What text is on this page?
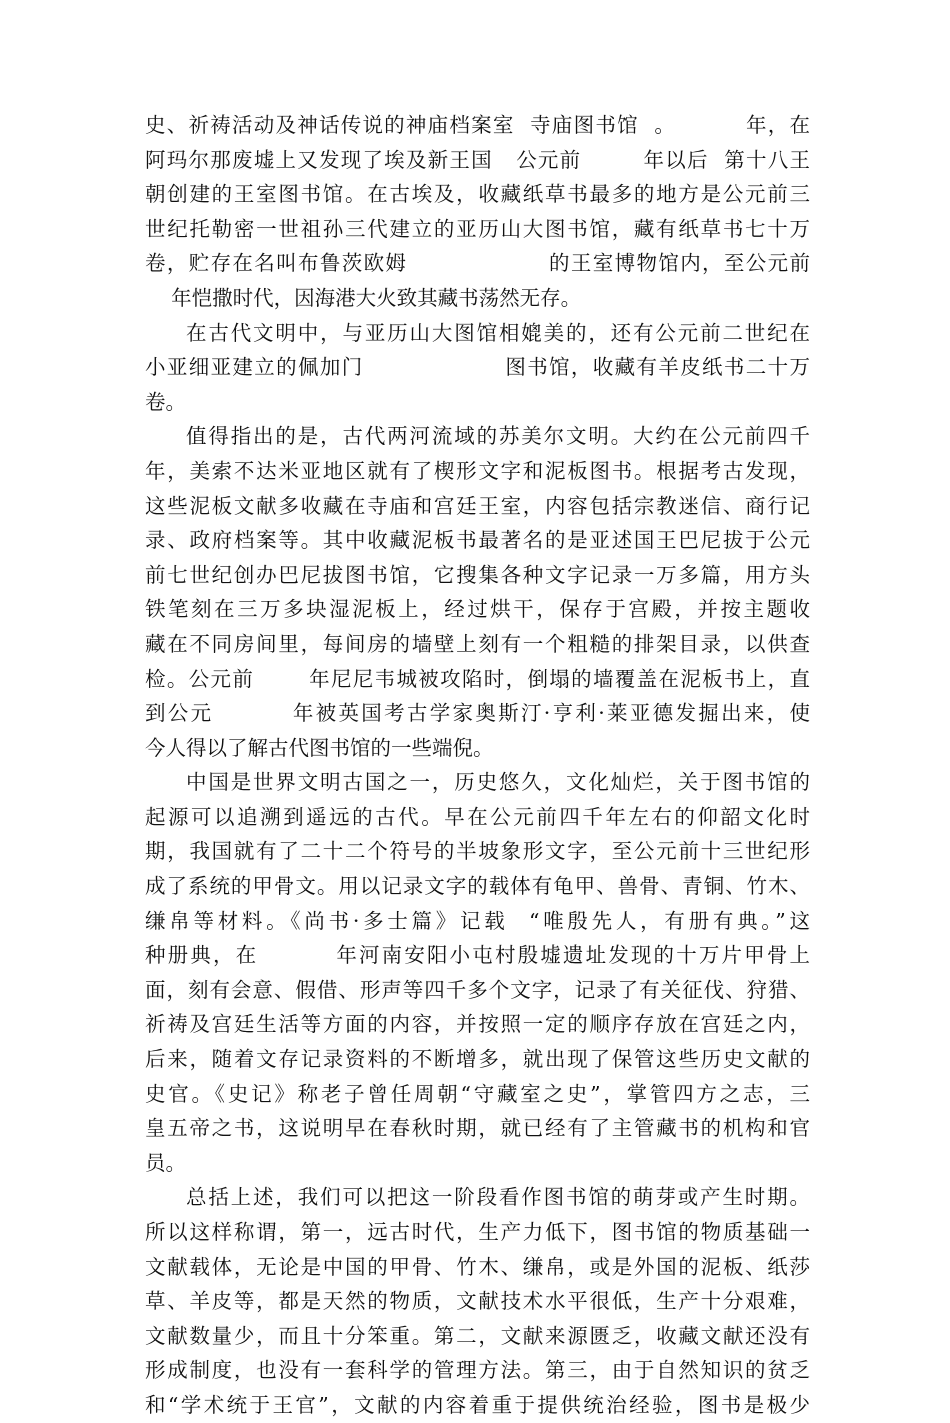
史、祈祷活动及神话传说的神庙档案室  寺庙图书馆  。         年，在
阿玛尔那废墟上又发现了埃及新王国   公元前        年以后  第十八王
朝创建的王室图书馆。在古埃及，收藏纸草书最多的地方是公元前三
世纪托勒密一世祖孙三代建立的亚历山大图书馆，藏有纸草书七十万
卷，贮存在名叫布鲁茨欧姆                  的王室博物馆内，至公元前
年恺撒时代，因海港大火致其藏书荡然无存。
在古代文明中，与亚历山大图馆相媲美的，还有公元前二世纪在
小亚细亚建立的佩加门                  图书馆，收藏有羊皮纸书二十万
卷。
值得指出的是，古代两河流域的苏美尔文明。大约在公元前四千
年，美索不达米亚地区就有了楔形文字和泥板图书。根据考古发现，
这些泥板文献多收藏在寺庙和宫廷王室，内容包括宗教迷信、商行记
录、政府档案等。其中收藏泥板书最著名的是亚述国王巴尼拔于公元
前七世纪创办巴尼拔图书馆，它搜集各种文字记录一万多篇，用方头
铁笔刻在三万多块湿泥板上，经过烘干，保存于宫殿，并按主题收
藏在不同房间里，每间房的墙壁上刻有一个粗糙的排架目录，以供查
检。公元前       年尼尼韦城被攻陷时，倒塌的墙覆盖在泥板书上，直
到公元         年被英国考古学家奥斯汀·亨利·莱亚德发掘出来，使
今人得以了解古代图书馆的一些端倪。
中国是世界文明古国之一，历史悠久，文化灿烂，关于图书馆的
起源可以追溯到遥远的古代。早在公元前四千年左右的仰韶文化时
期，我国就有了二十二个符号的半坡象形文字，至公元前十三世纪形
成了系统的甲骨文。用以记录文字的载体有龟甲、兽骨、青铜、竹木、
缣帛等材料。《尚书·多士篇》记载  “唯殷先人，有册有典。”这
种册典，在         年河南安阳小屯村殷墟遗址发现的十万片甲骨上
面，刻有会意、假借、形声等四千多个文字，记录了有关征伐、狩猎、
祈祷及宫廷生活等方面的内容，并按照一定的顺序存放在宫廷之内，
后来，随着文存记录资料的不断增多，就出现了保管这些历史文献的
史官。《史记》称老子曾任周朝“守藏室之史”，掌管四方之志，三
皇五帝之书，这说明早在春秋时期，就已经有了主管藏书的机构和官
员。
总括上述，我们可以把这一阶段看作图书馆的萌芽或产生时期。
所以这样称谓，第一，远古时代，生产力低下，图书馆的物质基础一
文献载体，无论是中国的甲骨、竹木、缣帛，或是外国的泥板、纸莎
草、羊皮等，都是天然的物质，文献技术水平很低，生产十分艰难，
文献数量少，而且十分笨重。第二，文献来源匮乏，收藏文献还没有
形成制度，也没有一套科学的管理方法。第三，由于自然知识的贫乏
和“学术统于王官”，文献的内容着重于提供统治经验，图书是极少
